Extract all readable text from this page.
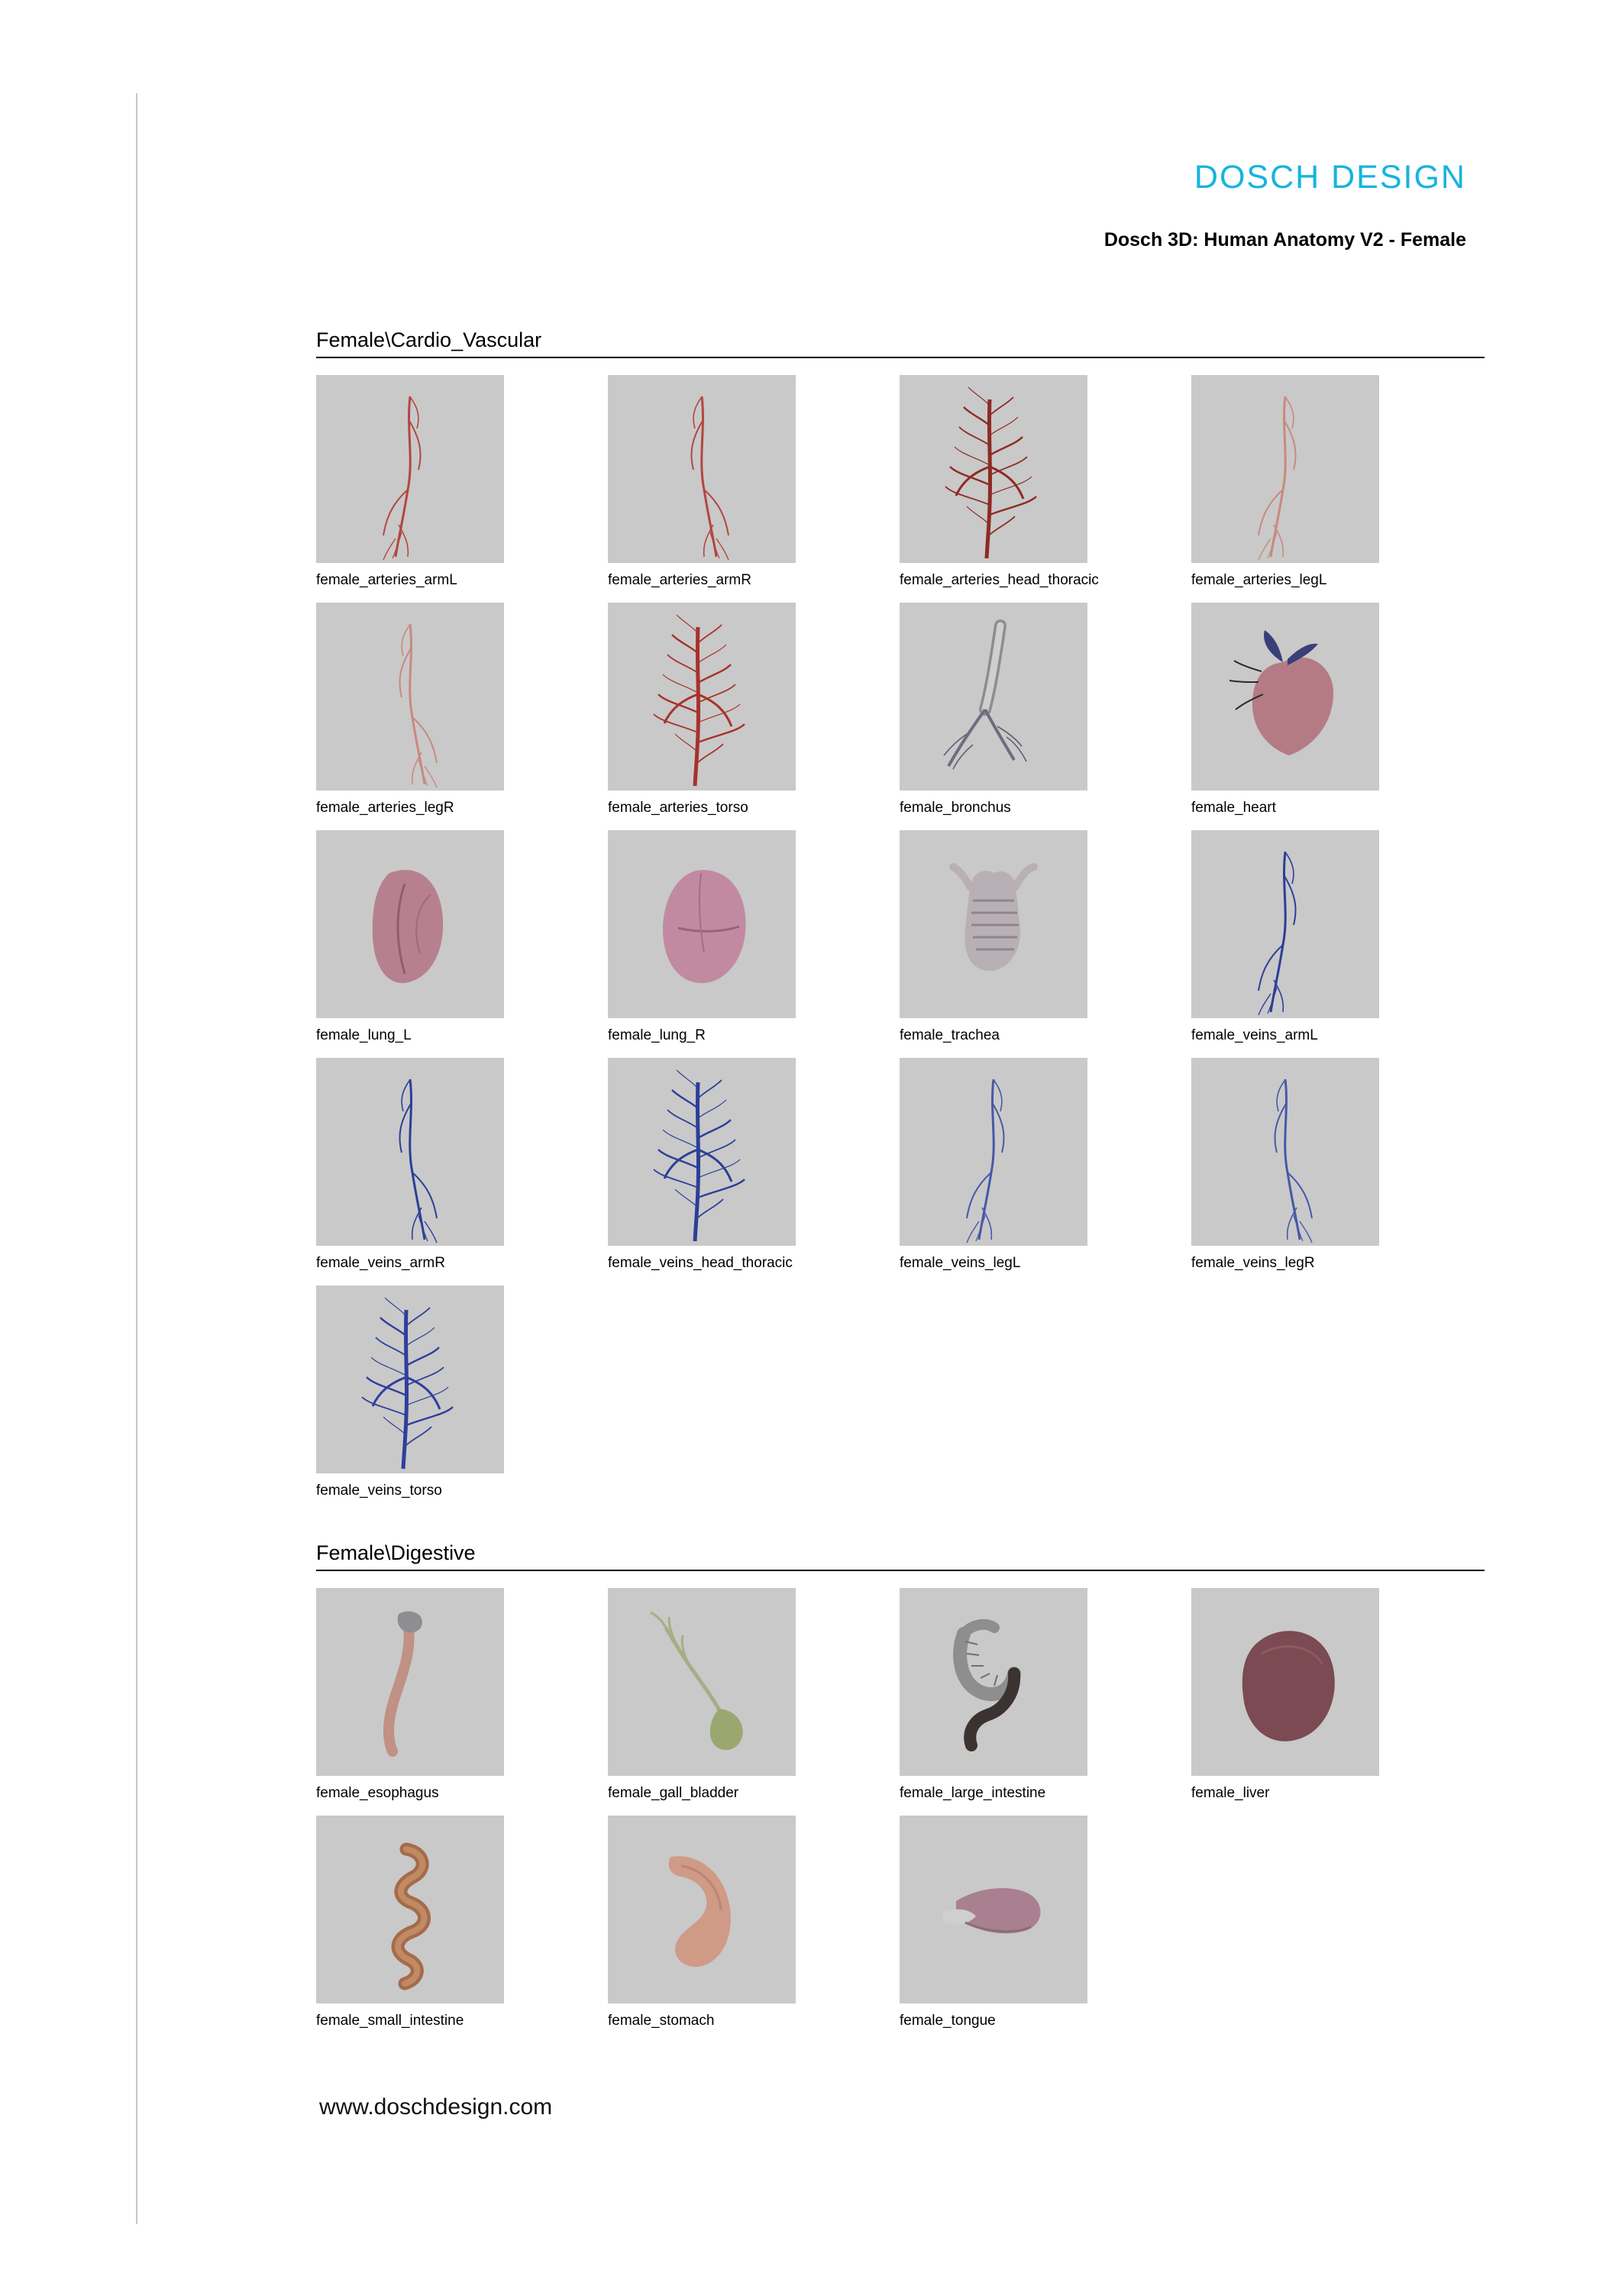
DOSCH DESIGN
Dosch 3D: Human Anatomy V2 - Female
Female\Cardio_Vascular
female_arteries_armL	female_arteries_armR	female_arteries_head_thoracic	female_arteries_legL
female_arteries_legR	female_arteries_torso	female_bronchus	female_heart
female_lung_L	female_lung_R	female_trachea	female_veins_armL
female_veins_armR	female_veins_head_thoracic	female_veins_legL	female_veins_legR
female_veins_torso
Female\Digestive
female_esophagus	female_gall_bladder	female_large_intestine	female_liver
female_small_intestine	female_stomach	female_tongue
www.doschdesign.com
